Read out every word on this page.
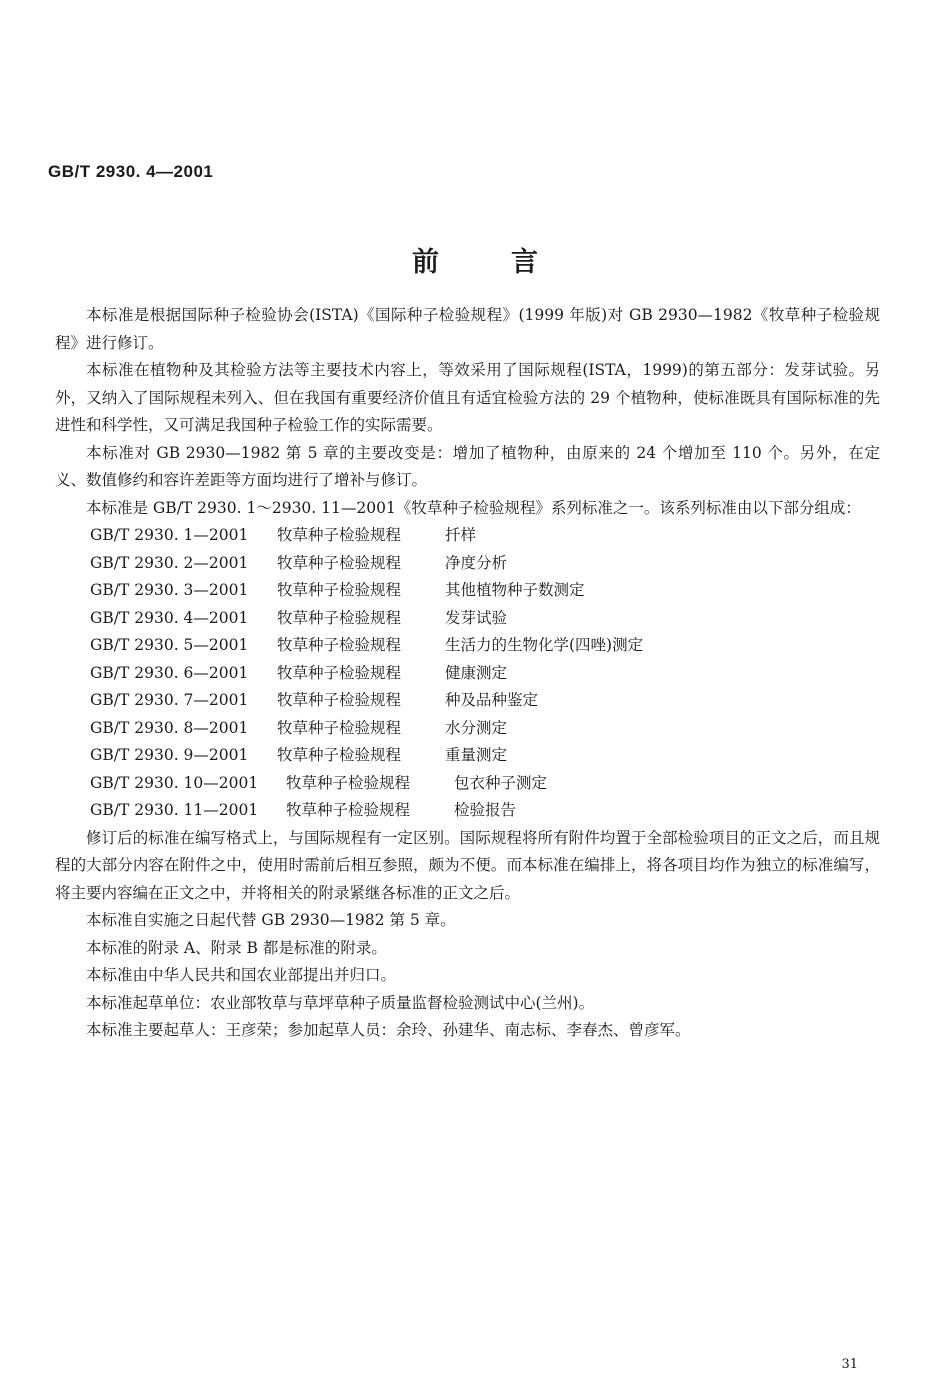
GB/T 2930. 4—2001
前言

本标准是根据国际种子检验协会(ISTA)《国际种子检验规程》(1999 年版)对 GB 2930—1982《牧草种子检验规程》进行修订。

本标准在植物种及其检验方法等主要技术内容上，等效采用了国际规程(ISTA，1999)的第五部分：发芽试验。另外，又纳入了国际规程未列入、但在我国有重要经济价值且有适宜检验方法的 29 个植物种，使标准既具有国际标准的先进性和科学性，又可满足我国种子检验工作的实际需要。

本标准对 GB 2930—1982 第 5 章的主要改变是：增加了植物种，由原来的 24 个增加至 110 个。另外，在定义、数值修约和容许差距等方面均进行了增补与修订。

本标准是 GB/T 2930. 1～2930. 11—2001《牧草种子检验规程》系列标准之一。该系列标准由以下部分组成：

GB/T 2930. 1—2001 牧草种子检验规程	扦样
GB/T 2930. 2—2001 牧草种子检验规程	净度分析
GB/T 2930. 3—2001 牧草种子检验规程	其他植物种子数测定
GB/T 2930. 4—2001 牧草种子检验规程	发芽试验
GB/T 2930. 5—2001 牧草种子检验规程	生活力的生物化学(四唑)测定
GB/T 2930. 6—2001 牧草种子检验规程	健康测定
GB/T 2930. 7—2001 牧草种子检验规程	种及品种鉴定
GB/T 2930. 8—2001 牧草种子检验规程	水分测定
GB/T 2930. 9—2001 牧草种子检验规程	重量测定
GB/T 2930. 10—2001 牧草种子检验规程	包衣种子测定
GB/T 2930. 11—2001 牧草种子检验规程	检验报告

修订后的标准在编写格式上，与国际规程有一定区别。国际规程将所有附件均置于全部检验项目的正文之后，而且规程的大部分内容在附件之中，使用时需前后相互参照，颇为不便。而本标准在编排上，将各项目均作为独立的标准编写，将主要内容编在正文之中，并将相关的附录紧继各标准的正文之后。

本标准自实施之日起代替 GB 2930—1982 第 5 章。

本标准的附录 A、附录 B 都是标准的附录。

本标准由中华人民共和国农业部提出并归口。

本标准起草单位：农业部牧草与草坪草种子质量监督检验测试中心(兰州)。

本标准主要起草人：王彦荣；参加起草人员：余玲、孙建华、南志标、李春杰、曾彦军。

31
